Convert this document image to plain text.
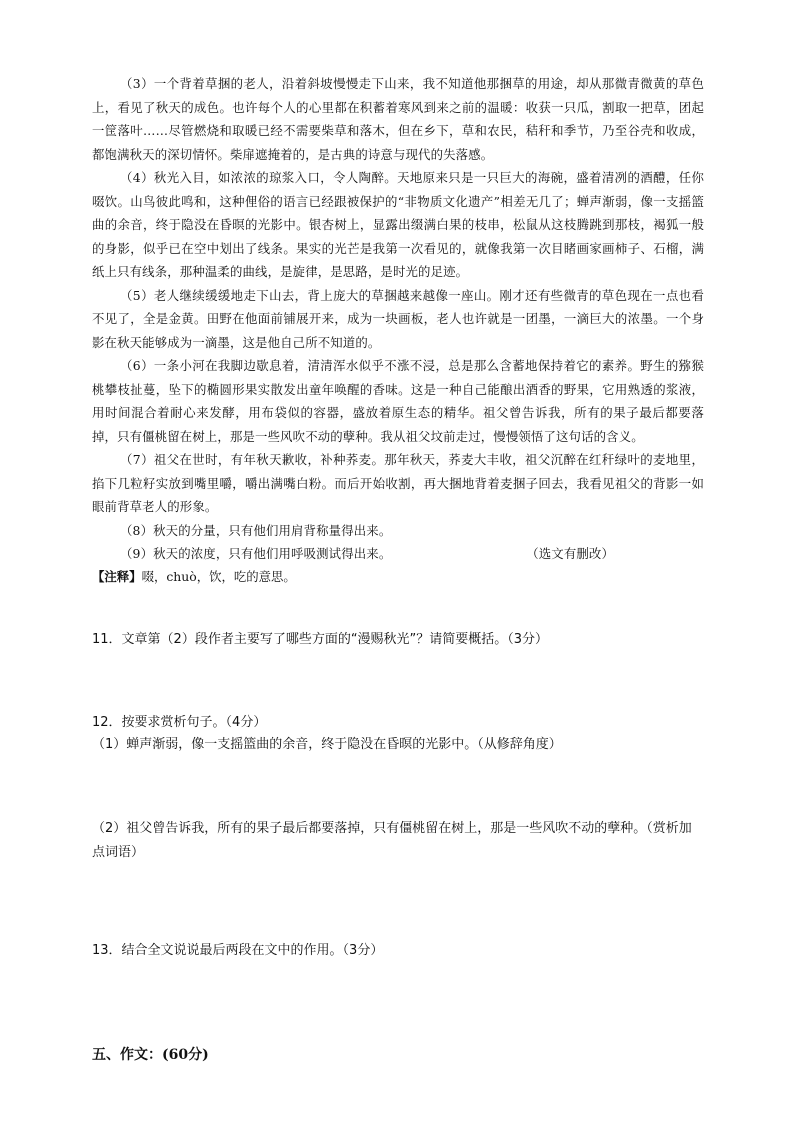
（3）一个背着草捆的老人，沿着斜坡慢慢走下山来，我不知道他那捆草的用途，却从那微青微黄的草色上，看见了秋天的成色。也许每个人的心里都在积蓄着寒风到来之前的温暖：收获一只瓜，割取一把草，团起一筐落叶……尽管燃烧和取暖已经不需要柴草和落木，但在乡下，草和农民，秸秆和季节，乃至谷壳和收成，都饱满秋天的深切情怀。柴扉遮掩着的，是古典的诗意与现代的失落感。

（4）秋光入目，如浓浓的琼浆入口，令人陶醉。天地原来只是一只巨大的海碗，盛着清冽的酒醴，任你啜饮。山鸟彼此鸣和，这种俚俗的语言已经跟被保护的“非物质文化遗产”相差无几了；蝉声渐弱，像一支摇篮曲的余音，终于隐没在昏暝的光影中。银杏树上，显露出缀满白果的枝串，松鼠从这枝腾跳到那枝，褐狐一般的身影，似乎已在空中划出了线条。果实的光芒是我第一次看见的，就像我第一次目睹画家画柿子、石榴，满纸上只有线条，那种温柔的曲线，是旋律，是思路，是时光的足迹。

（5）老人继续缓缓地走下山去，背上庞大的草捆越来越像一座山。刚才还有些微青的草色现在一点也看不见了，全是金黄。田野在他面前铺展开来，成为一块画板，老人也许就是一团墨，一滴巨大的浓墨。一个身影在秋天能够成为一滴墨，这是他自己所不知道的。

（6）一条小河在我脚边歇息着，清清浑水似乎不涨不浸，总是那么含蓄地保持着它的素养。野生的猕猴桃攀枝扯蔓，坠下的椭圆形果实散发出童年唤醒的香味。这是一种自己能酿出酒香的野果，它用熟透的浆液，用时间混合着耐心来发酵，用布袋似的容器，盛放着原生态的精华。祖父曾告诉我，所有的果子最后都要落掉，只有僵桃留在树上，那是一些风吹不动的孽种。我从祖父坟前走过，慢慢领悟了这句话的含义。

（7）祖父在世时，有年秋天歉收，补种荞麦。那年秋天，荞麦大丰收，祖父沉醉在红秆绿叶的麦地里，掐下几粒籽实放到嘴里嚼，嚼出满嘴白粉。而后开始收割，再大捆地背着麦捆子回去，我看见祖父的背影一如眼前背草老人的形象。

（8）秋天的分量，只有他们用肩背称量得出来。

（9）秋天的浓度，只有他们用呼吸测试得出来。	（选文有删改）

【注释】啜，chuò，饮，吃的意思。

11．文章第（2）段作者主要写了哪些方面的“漫赐秋光”？请简要概括。（3分）

12．按要求赏析句子。（4分）

（1）蝉声渐弱，像一支摇篮曲的余音，终于隐没在昏暝的光影中。（从修辞角度）

（2）祖父曾告诉我，所有的果子最后都要落掉，只有僵桃留在树上，那是一些风吹不动的孽种。（赏析加点词语）

13．结合全文说说最后两段在文中的作用。（3分）

五、作文：(60分)
